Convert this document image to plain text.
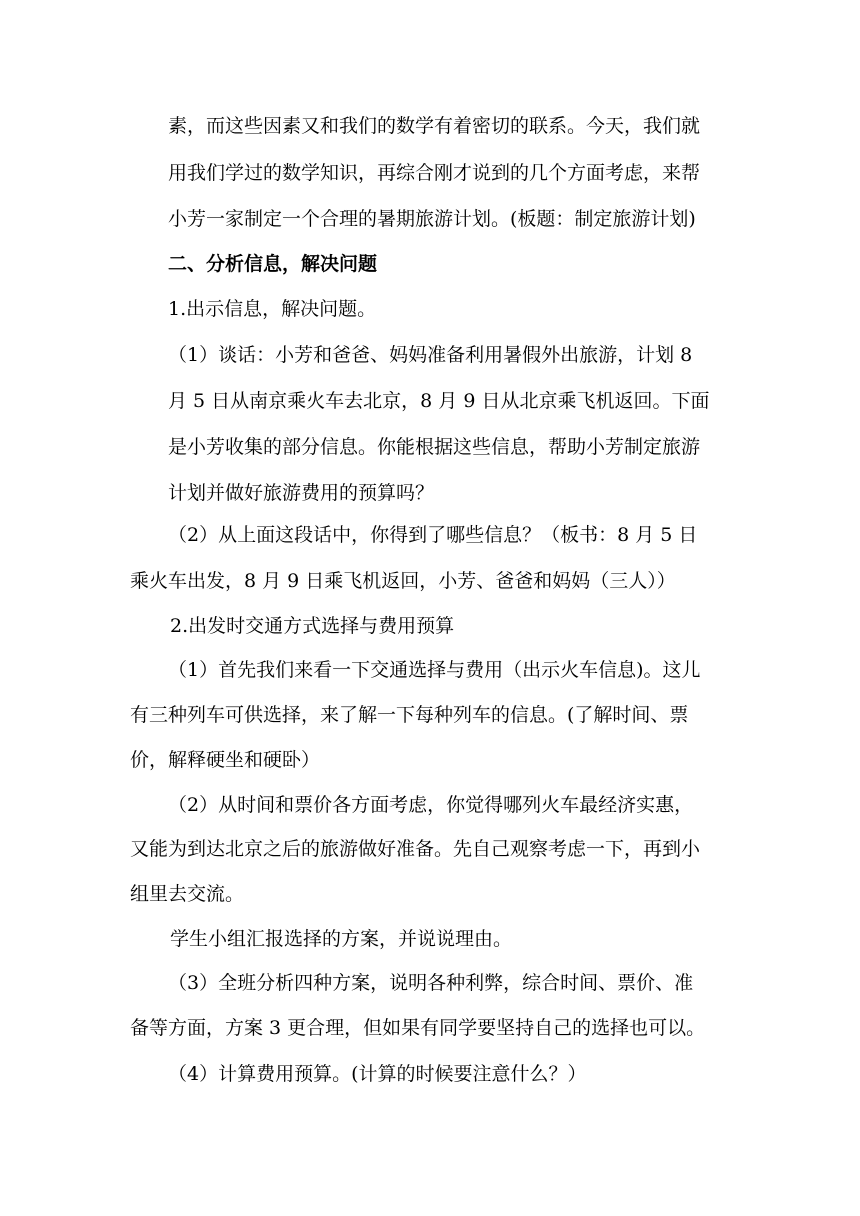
素，而这些因素又和我们的数学有着密切的联系。今天，我们就
用我们学过的数学知识，再综合刚才说到的几个方面考虑，来帮
小芳一家制定一个合理的暑期旅游计划。(板题：制定旅游计划)
二、分析信息，解决问题
1.出示信息，解决问题。
（1）谈话：小芳和爸爸、妈妈准备利用暑假外出旅游，计划 8
月 5 日从南京乘火车去北京，8 月 9 日从北京乘飞机返回。下面
是小芳收集的部分信息。你能根据这些信息，帮助小芳制定旅游
计划并做好旅游费用的预算吗？
（2）从上面这段话中，你得到了哪些信息？（板书：8 月 5 日
乘火车出发，8 月 9 日乘飞机返回，小芳、爸爸和妈妈（三人））
2.出发时交通方式选择与费用预算
（1）首先我们来看一下交通选择与费用（出示火车信息)。这儿
有三种列车可供选择，来了解一下每种列车的信息。(了解时间、票
价，解释硬坐和硬卧）
（2）从时间和票价各方面考虑，你觉得哪列火车最经济实惠，
又能为到达北京之后的旅游做好准备。先自己观察考虑一下，再到小
组里去交流。
学生小组汇报选择的方案，并说说理由。
（3）全班分析四种方案，说明各种利弊，综合时间、票价、准
备等方面，方案 3 更合理，但如果有同学要坚持自己的选择也可以。
（4）计算费用预算。(计算的时候要注意什么？）
